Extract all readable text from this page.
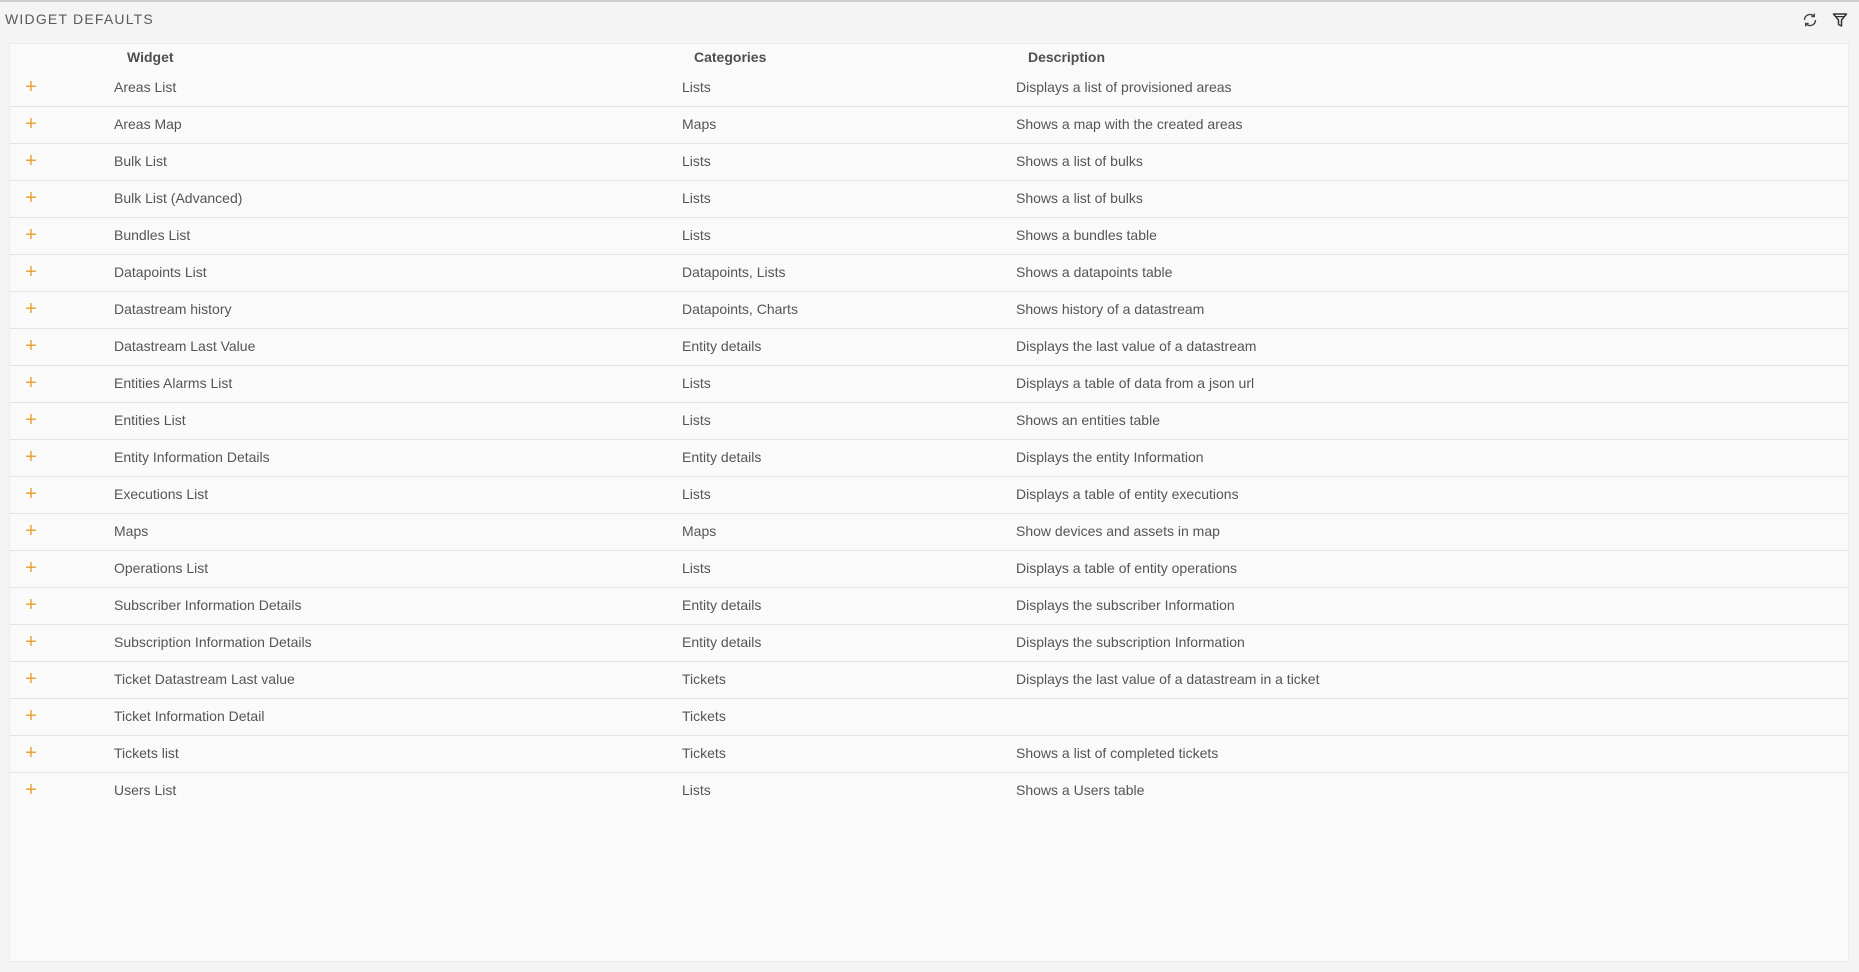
WIDGET DEFAULTS
Widget	Categories	Description
+	Areas List	Lists	Displays a list of provisioned areas
+	Areas Map	Maps	Shows a map with the created areas
+	Bulk List	Lists	Shows a list of bulks
+	Bulk List (Advanced)	Lists	Shows a list of bulks
+	Bundles List	Lists	Shows a bundles table
+	Datapoints List	Datapoints, Lists	Shows a datapoints table
+	Datastream history	Datapoints, Charts	Shows history of a datastream
+	Datastream Last Value	Entity details	Displays the last value of a datastream
+	Entities Alarms List	Lists	Displays a table of data from a json url
+	Entities List	Lists	Shows an entities table
+	Entity Information Details	Entity details	Displays the entity Information
+	Executions List	Lists	Displays a table of entity executions
+	Maps	Maps	Show devices and assets in map
+	Operations List	Lists	Displays a table of entity operations
+	Subscriber Information Details	Entity details	Displays the subscriber Information
+	Subscription Information Details	Entity details	Displays the subscription Information
+	Ticket Datastream Last value	Tickets	Displays the last value of a datastream in a ticket
+	Ticket Information Detail	Tickets
+	Tickets list	Tickets	Shows a list of completed tickets
+	Users List	Lists	Shows a Users table
